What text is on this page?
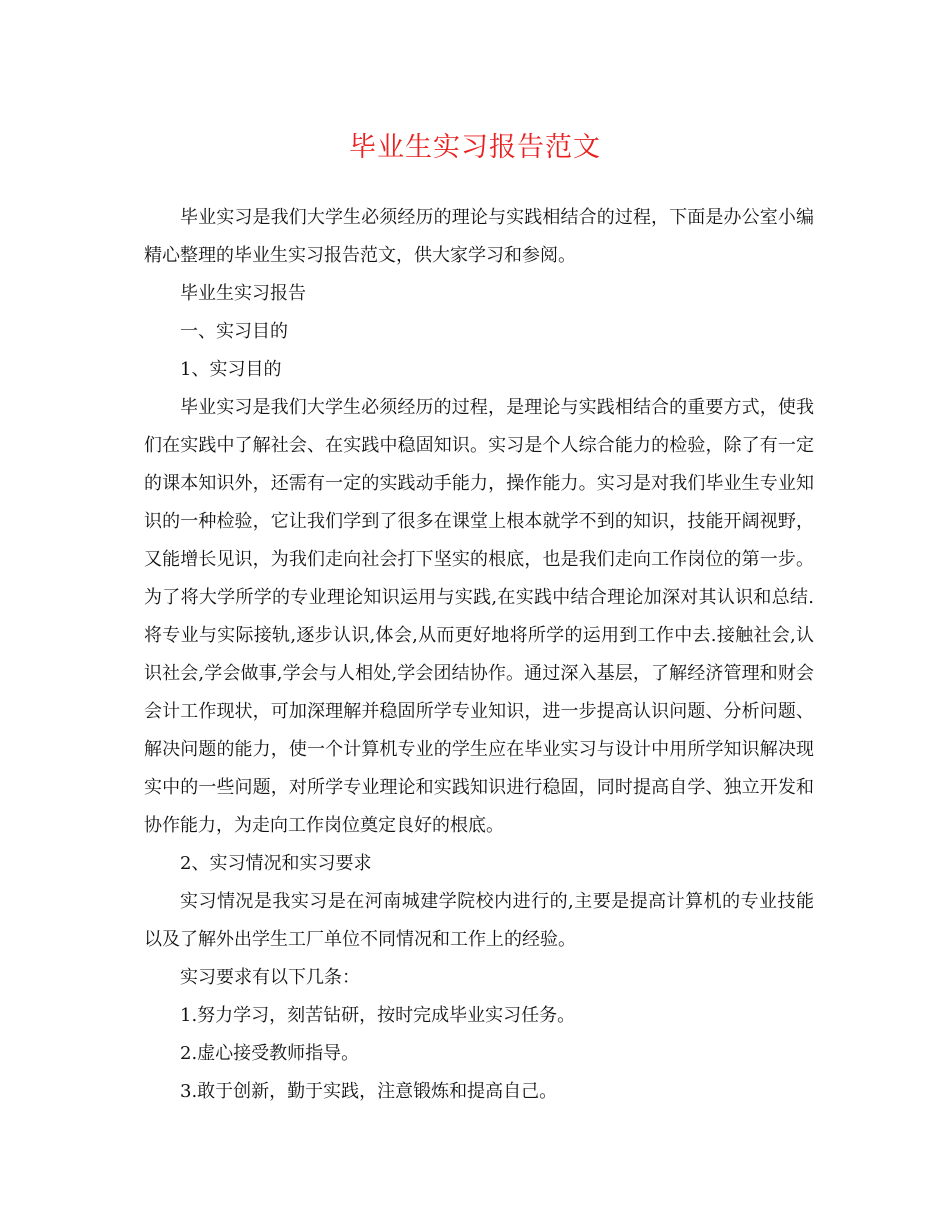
毕业生实习报告范文

毕业实习是我们大学生必须经历的理论与实践相结合的过程，下面是办公室小编精心整理的毕业生实习报告范文，供大家学习和参阅。

毕业生实习报告

一、实习目的

1、实习目的

毕业实习是我们大学生必须经历的过程，是理论与实践相结合的重要方式，使我们在实践中了解社会、在实践中稳固知识。实习是个人综合能力的检验，除了有一定的课本知识外，还需有一定的实践动手能力，操作能力。实习是对我们毕业生专业知识的一种检验，它让我们学到了很多在课堂上根本就学不到的知识，技能开阔视野，又能增长见识，为我们走向社会打下坚实的根底，也是我们走向工作岗位的第一步。为了将大学所学的专业理论知识运用与实践,在实践中结合理论加深对其认识和总结. 将专业与实际接轨,逐步认识,体会,从而更好地将所学的运用到工作中去.接触社会,认识社会,学会做事,学会与人相处,学会团结协作。通过深入基层，了解经济管理和财会会计工作现状，可加深理解并稳固所学专业知识，进一步提高认识问题、分析问题、解决问题的能力，使一个计算机专业的学生应在毕业实习与设计中用所学知识解决现实中的一些问题，对所学专业理论和实践知识进行稳固，同时提高自学、独立开发和协作能力，为走向工作岗位奠定良好的根底。

2、实习情况和实习要求

实习情况是我实习是在河南城建学院校内进行的,主要是提高计算机的专业技能以及了解外出学生工厂单位不同情况和工作上的经验。

实习要求有以下几条：

1.努力学习，刻苦钻研，按时完成毕业实习任务。

2.虚心接受教师指导。

3.敢于创新，勤于实践，注意锻炼和提高自己。
